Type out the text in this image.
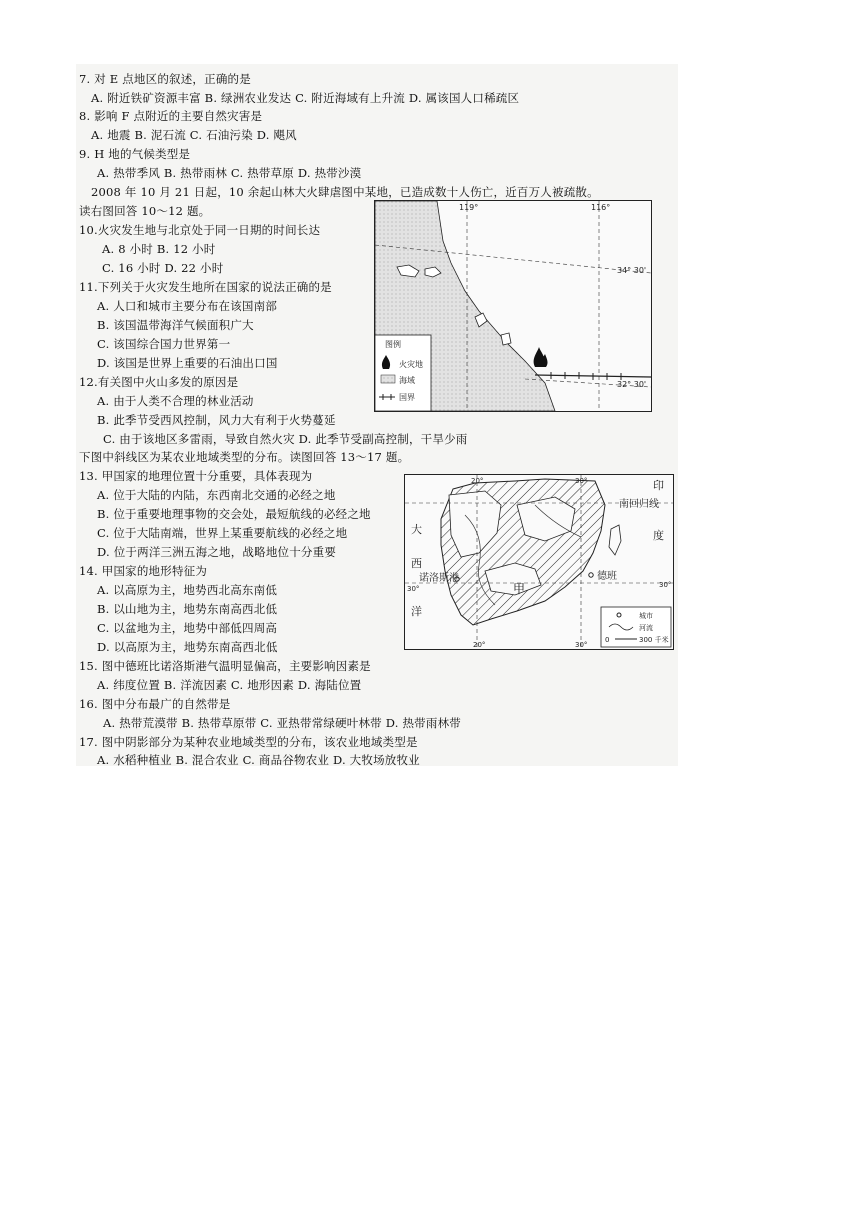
7. 对 E 点地区的叙述，正确的是
A. 附近铁矿资源丰富 B. 绿洲农业发达 C. 附近海域有上升流 D. 属该国人口稀疏区
8. 影响 F 点附近的主要自然灾害是
A. 地震 B. 泥石流 C. 石油污染 D. 飓风
9. H 地的气候类型是
A. 热带季风 B. 热带雨林 C. 热带草原 D. 热带沙漠
2008 年 10 月 21 日起，10 余起山林大火肆虐图中某地，已造成数十人伤亡，近百万人被疏散。
读右图回答 10～12 题。
10.火灾发生地与北京处于同一日期的时间长达
A. 8 小时 B. 12 小时
C. 16 小时 D. 22 小时
11.下列关于火灾发生地所在国家的说法正确的是
A. 人口和城市主要分布在该国南部
B. 该国温带海洋气候面积广大
C. 该国综合国力世界第一
D. 该国是世界上重要的石油出口国
12.有关图中火山多发的原因是
A. 由于人类不合理的林业活动
B. 此季节受西风控制，风力大有利于火势蔓延
C. 由于该地区多雷雨，导致自然火灾 D. 此季节受副高控制，干旱少雨
下图中斜线区为某农业地域类型的分布。读图回答 13～17 题。
13. 甲国家的地理位置十分重要，具体表现为
A. 位于大陆的内陆，东西南北交通的必经之地
B. 位于重要地理事物的交会处，最短航线的必经之地
C. 位于大陆南端，世界上某重要航线的必经之地
D. 位于两洋三洲五海之地，战略地位十分重要
14. 甲国家的地形特征为
A. 以高原为主，地势西北高东南低
B. 以山地为主，地势东南高西北低
C. 以盆地为主，地势中部低四周高
D. 以高原为主，地势东南高西北低
15. 图中德班比诺洛斯港气温明显偏高，主要影响因素是
A. 纬度位置 B. 洋流因素 C. 地形因素 D. 海陆位置
16. 图中分布最广的自然带是
A. 热带荒漠带 B. 热带草原带 C. 亚热带常绿硬叶林带 D. 热带雨林带
17. 图中阴影部分为某种农业地域类型的分布，该农业地域类型是
A. 水稻种植业 B. 混合农业 C. 商品谷物农业 D. 大牧场放牧业
119°	116°
34° 30'
32° 30'
图例
火灾地
海域
国界
印
南回归线
度
大
西
诺洛斯港	德班
甲
洋
20°	30°
30°	30°
20°	30°
城市
河流
0	300 千米
